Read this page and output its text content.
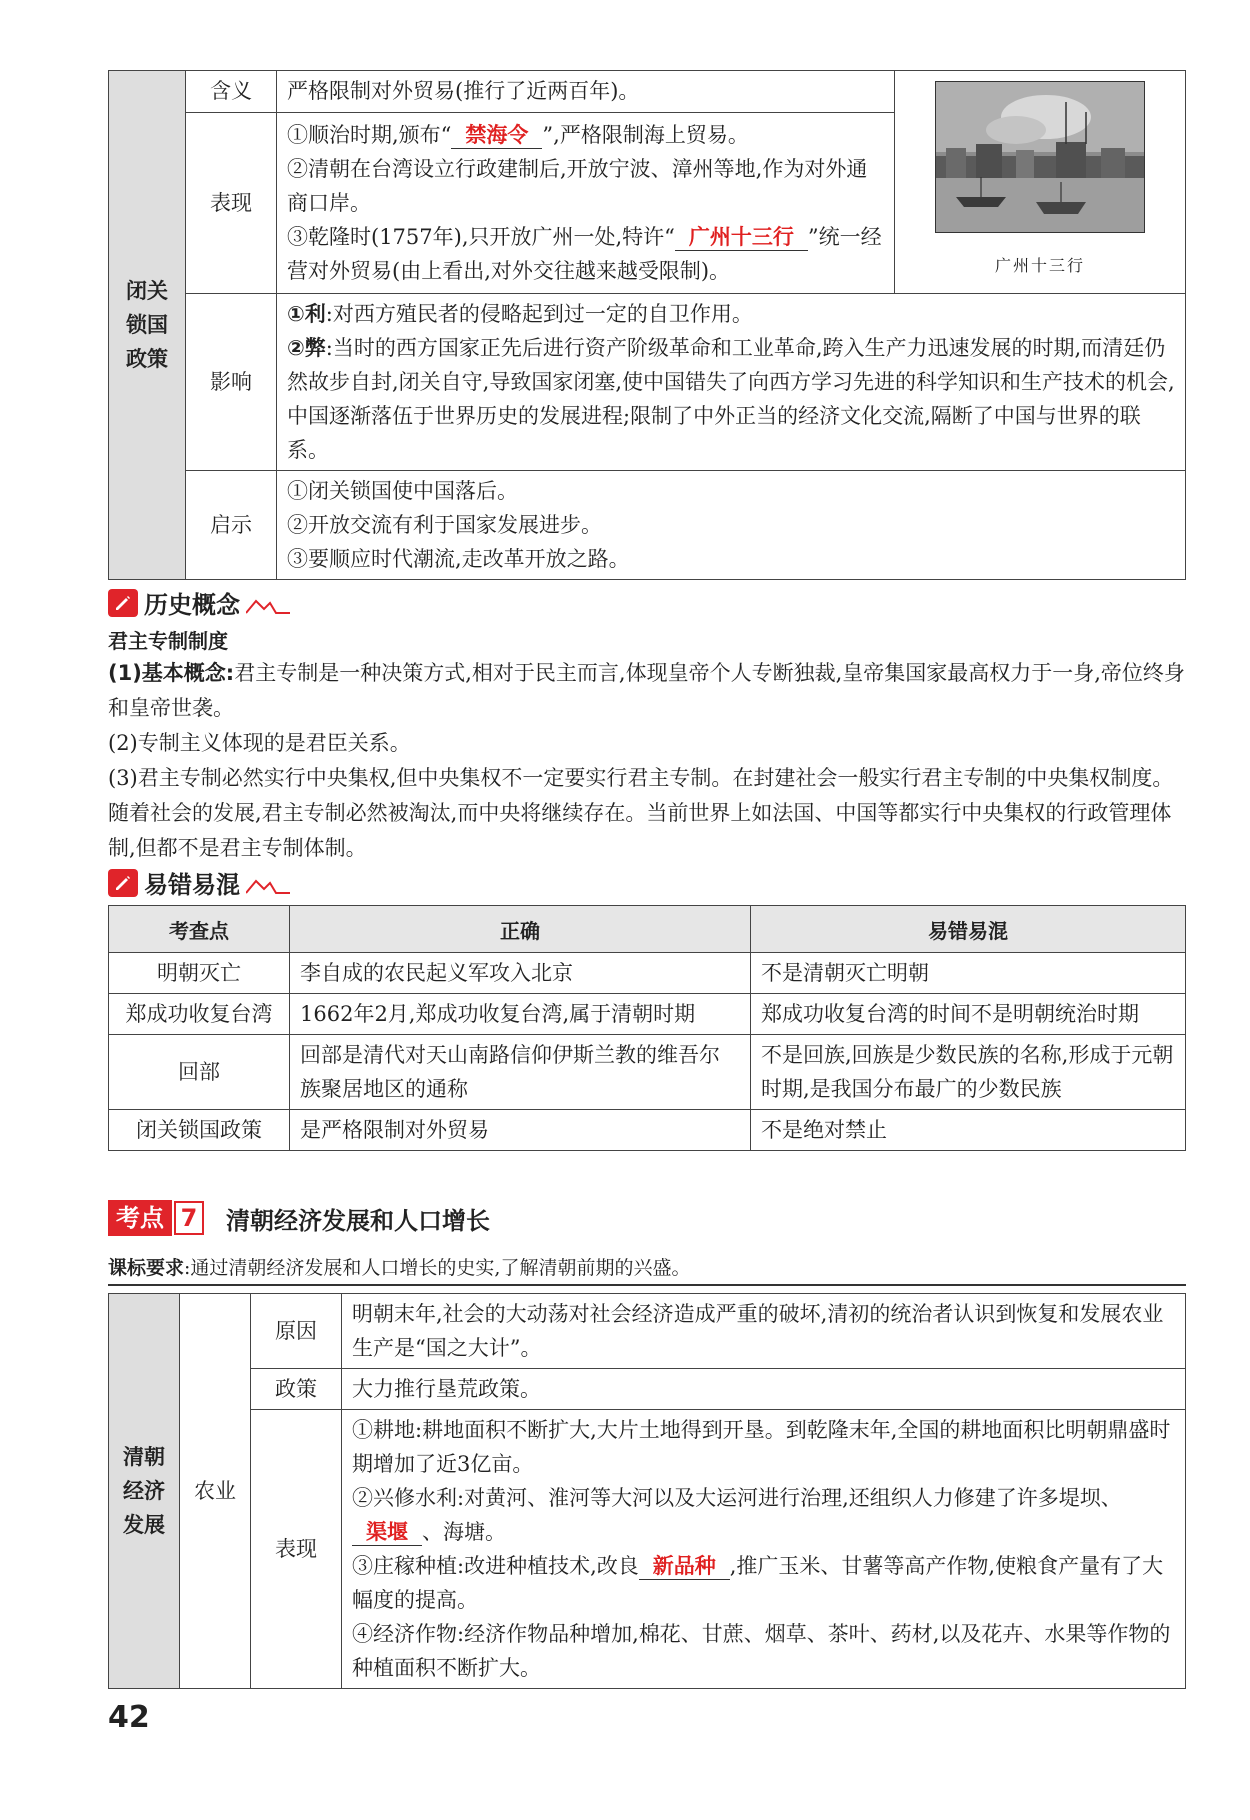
闭关
锁国
政策	含义	严格限制对外贸易(推行了近两百年)。	广州十三行

	表现	①顺治时期,颁布“ 禁海令 ”,严格限制海上贸易。
②清朝在台湾设立行政建制后,开放宁波、漳州等地,作为对外通商口岸。
③乾隆时(1757年),只开放广州一处,特许“ 广州十三行 ”统一经营对外贸易(由上看出,对外交往越来越受限制)。	

	影响	①利:对西方殖民者的侵略起到过一定的自卫作用。
②弊:当时的西方国家正先后进行资产阶级革命和工业革命,跨入生产力迅速发展的时期,而清廷仍然故步自封,闭关自守,导致国家闭塞,使中国错失了向西方学习先进的科学知识和生产技术的机会,中国逐渐落伍于世界历史的发展进程;限制了中外正当的经济文化交流,隔断了中国与世界的联系。	

	启示	①闭关锁国使中国落后。
②开放交流有利于国家发展进步。
③要顺应时代潮流,走改革开放之路。	
历史概念
君主专制制度
(1)基本概念:君主专制是一种决策方式,相对于民主而言,体现皇帝个人专断独裁,皇帝集国家最高权力于一身,帝位终身和皇帝世袭。
(2)专制主义体现的是君臣关系。
(3)君主专制必然实行中央集权,但中央集权不一定要实行君主专制。在封建社会一般实行君主专制的中央集权制度。随着社会的发展,君主专制必然被淘汰,而中央将继续存在。当前世界上如法国、中国等都实行中央集权的行政管理体制,但都不是君主专制体制。
易错易混
考查点	正确	易错易混
明朝灭亡	李自成的农民起义军攻入北京	不是清朝灭亡明朝
郑成功收复台湾	1662年2月,郑成功收复台湾,属于清朝时期	郑成功收复台湾的时间不是明朝统治时期
回部	回部是清代对天山南路信仰伊斯兰教的维吾尔族聚居地区的通称	不是回族,回族是少数民族的名称,形成于元朝时期,是我国分布最广的少数民族
闭关锁国政策	是严格限制对外贸易	不是绝对禁止
考点 7 清朝经济发展和人口增长
课标要求:通过清朝经济发展和人口增长的史实,了解清朝前期的兴盛。
清朝
经济
发展	农业	原因	明朝末年,社会的大动荡对社会经济造成严重的破坏,清初的统治者认识到恢复和发展农业生产是“国之大计”。
		政策	大力推行垦荒政策。
		表现	①耕地:耕地面积不断扩大,大片土地得到开垦。到乾隆末年,全国的耕地面积比明朝鼎盛时期增加了近3亿亩。
②兴修水利:对黄河、淮河等大河以及大运河进行治理,还组织人力修建了许多堤坝、渠堰 、海塘。
③庄稼种植:改进种植技术,改良 新品种 ,推广玉米、甘薯等高产作物,使粮食产量有了大幅度的提高。
④经济作物:经济作物品种增加,棉花、甘蔗、烟草、茶叶、药材,以及花卉、水果等作物的种植面积不断扩大。
42
